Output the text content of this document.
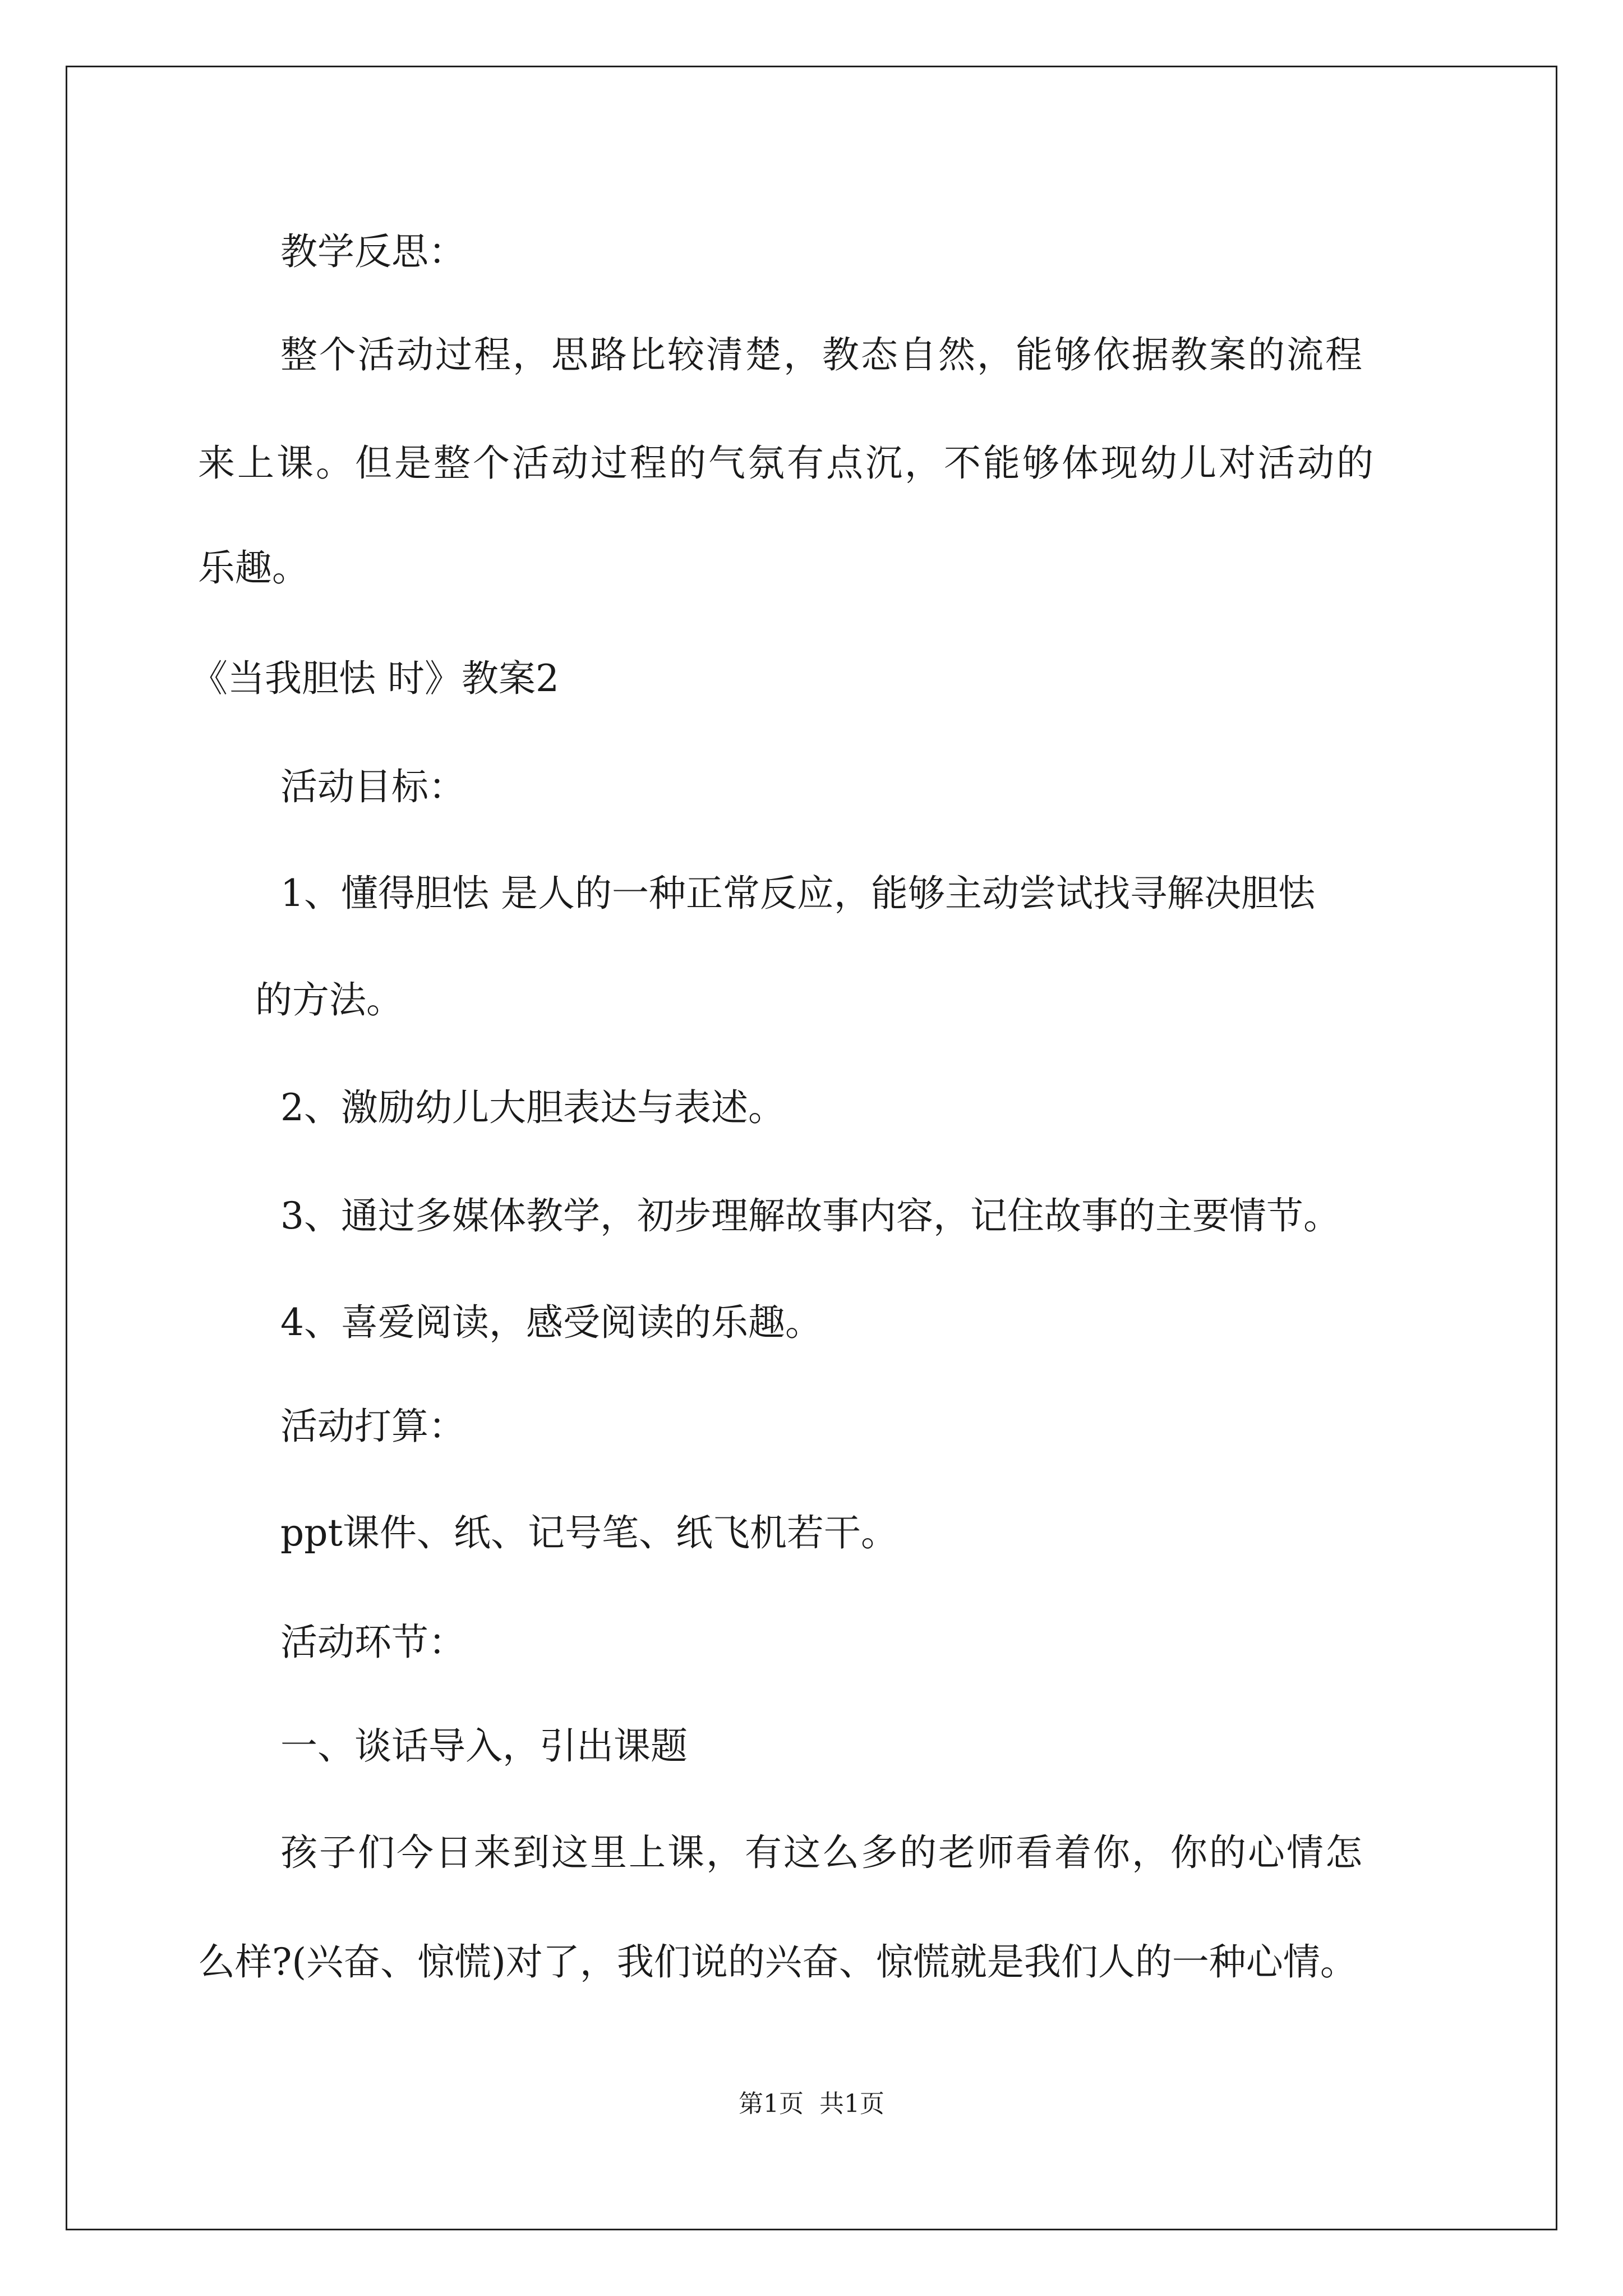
教学反思：
整个活动过程，思路比较清楚，教态自然，能够依据教案的流程
来上课。但是整个活动过程的气氛有点沉，不能够体现幼儿对活动的
乐趣。
《当我胆怯 时》教案2
活动目标：
1、懂得胆怯 是人的一种正常反应，能够主动尝试找寻解决胆怯
的方法。
2、激励幼儿大胆表达与表述。
3、通过多媒体教学，初步理解故事内容，记住故事的主要情节。
4、喜爱阅读，感受阅读的乐趣。
活动打算：
ppt课件、纸、记号笔、纸飞机若干。
活动环节：
一、谈话导入，引出课题
孩子们今日来到这里上课，有这么多的老师看着你，你的心情怎
么样?(兴奋、惊慌)对了，我们说的兴奋、惊慌就是我们人的一种心情。
第1页  共1页
